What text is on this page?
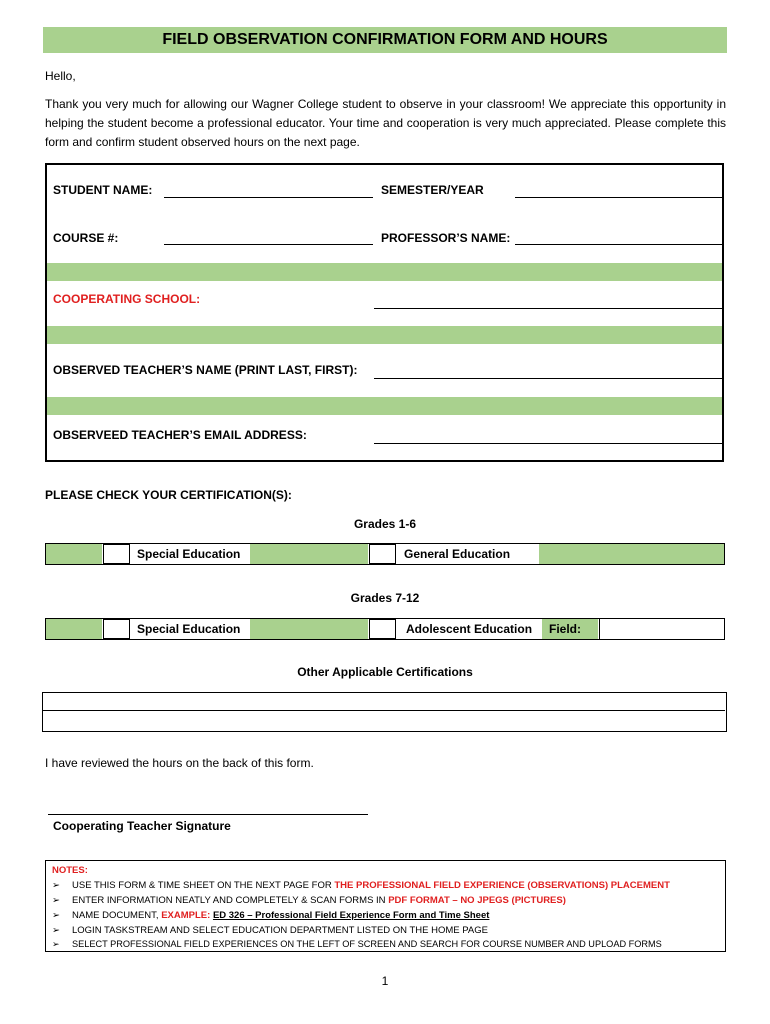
FIELD OBSERVATION CONFIRMATION FORM AND HOURS
Hello,
Thank you very much for allowing our Wagner College student to observe in your classroom! We appreciate this opportunity in helping the student become a professional educator. Your time and cooperation is very much appreciated. Please complete this form and confirm student observed hours on the next page.
STUDENT NAME:	SEMESTER/YEAR
COURSE #:	PROFESSOR’S NAME:
COOPERATING SCHOOL:
OBSERVED TEACHER’S NAME (PRINT LAST, FIRST):
OBSERVEED TEACHER’S EMAIL ADDRESS:
PLEASE CHECK YOUR CERTIFICATION(S):
Grades 1-6
Special Education	General Education
Grades 7-12
Special Education	Adolescent Education Field:
Other Applicable Certifications
I have reviewed the hours on the back of this form.
Cooperating Teacher Signature
NOTES:
➢ USE THIS FORM & TIME SHEET ON THE NEXT PAGE FOR THE PROFESSIONAL FIELD EXPERIENCE (OBSERVATIONS) PLACEMENT
➢ ENTER INFORMATION NEATLY AND COMPLETELY & SCAN FORMS IN PDF FORMAT – NO JPEGS (PICTURES)
➢ NAME DOCUMENT, EXAMPLE: ED 326 – Professional Field Experience Form and Time Sheet
➢ LOGIN TASKSTREAM AND SELECT EDUCATION DEPARTMENT LISTED ON THE HOME PAGE
➢ SELECT PROFESSIONAL FIELD EXPERIENCES ON THE LEFT OF SCREEN AND SEARCH FOR COURSE NUMBER AND UPLOAD FORMS
1
